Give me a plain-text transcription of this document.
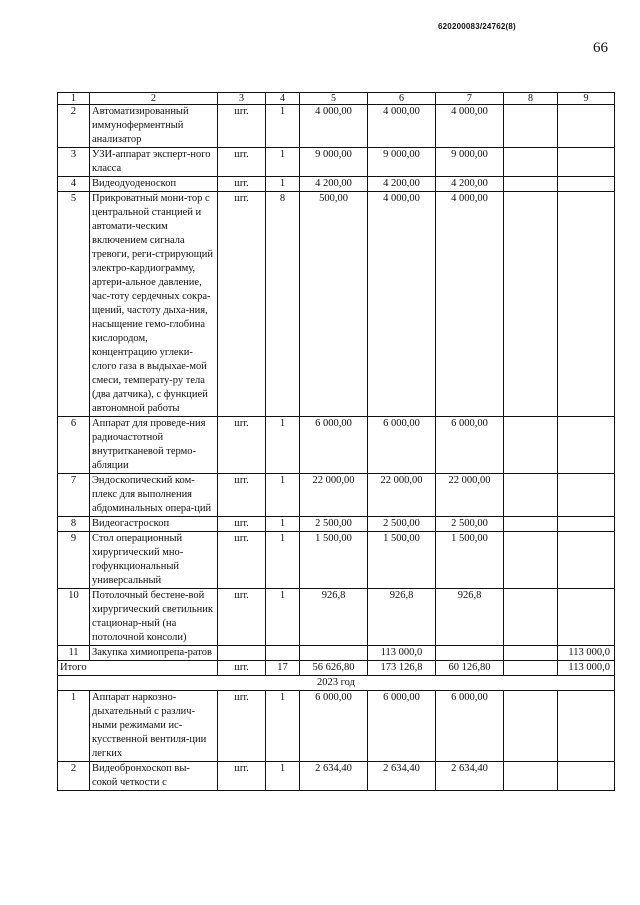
620200083/24762(8)
66
1	2	3	4	5	6	7	8	9
2	Автоматизированный иммуноферментный анализатор	шт.	1	4 000,00	4 000,00	4 000,00		
3	УЗИ-аппарат эксперт-ного класса	шт.	1	9 000,00	9 000,00	9 000,00		
4	Видеодуоденоскоп	шт.	1	4 200,00	4 200,00	4 200,00		
5	Прикроватный мони-тор с центральной станцией и автомати-ческим включением сигнала тревоги, реги-стрирующий электро-кардиограмму, артери-альное давление, час-тоту сердечных сокра-щений, частоту дыха-ния, насыщение гемо-глобина кислородом, концентрацию углеки-слого газа в выдыхае-мой смеси, температу-ру тела (два датчика), с функцией автономной работы	шт.	8	500,00	4 000,00	4 000,00		
6	Аппарат для проведе-ния радиочастотной внутритканевой термо-абляции	шт.	1	6 000,00	6 000,00	6 000,00		
7	Эндоскопический ком-плекс для выполнения абдоминальных опера-ций	шт.	1	22 000,00	22 000,00	22 000,00		
8	Видеогастроскоп	шт.	1	2 500,00	2 500,00	2 500,00		
9	Стол операционный хирургический мно-гофункциональный универсальный	шт.	1	1 500,00	1 500,00	1 500,00		
10	Потолочный бестене-вой хирургический светильник стационар-ный (на потолочной консоли)	шт.	1	926,8	926,8	926,8		
11	Закупка химиопрепа-ратов				113 000,0			113 000,0
Итого		шт.	17	56 626,80	173 126,8	60 126,80		113 000,0
2023 год								
1	Аппарат наркозно-дыхательный с различ-ными режимами ис-кусственной вентиля-ции легких	шт.	1	6 000,00	6 000,00	6 000,00		
2	Видеобронхоскоп вы-сокой четкости с	шт.	1	2 634,40	2 634,40	2 634,40		
